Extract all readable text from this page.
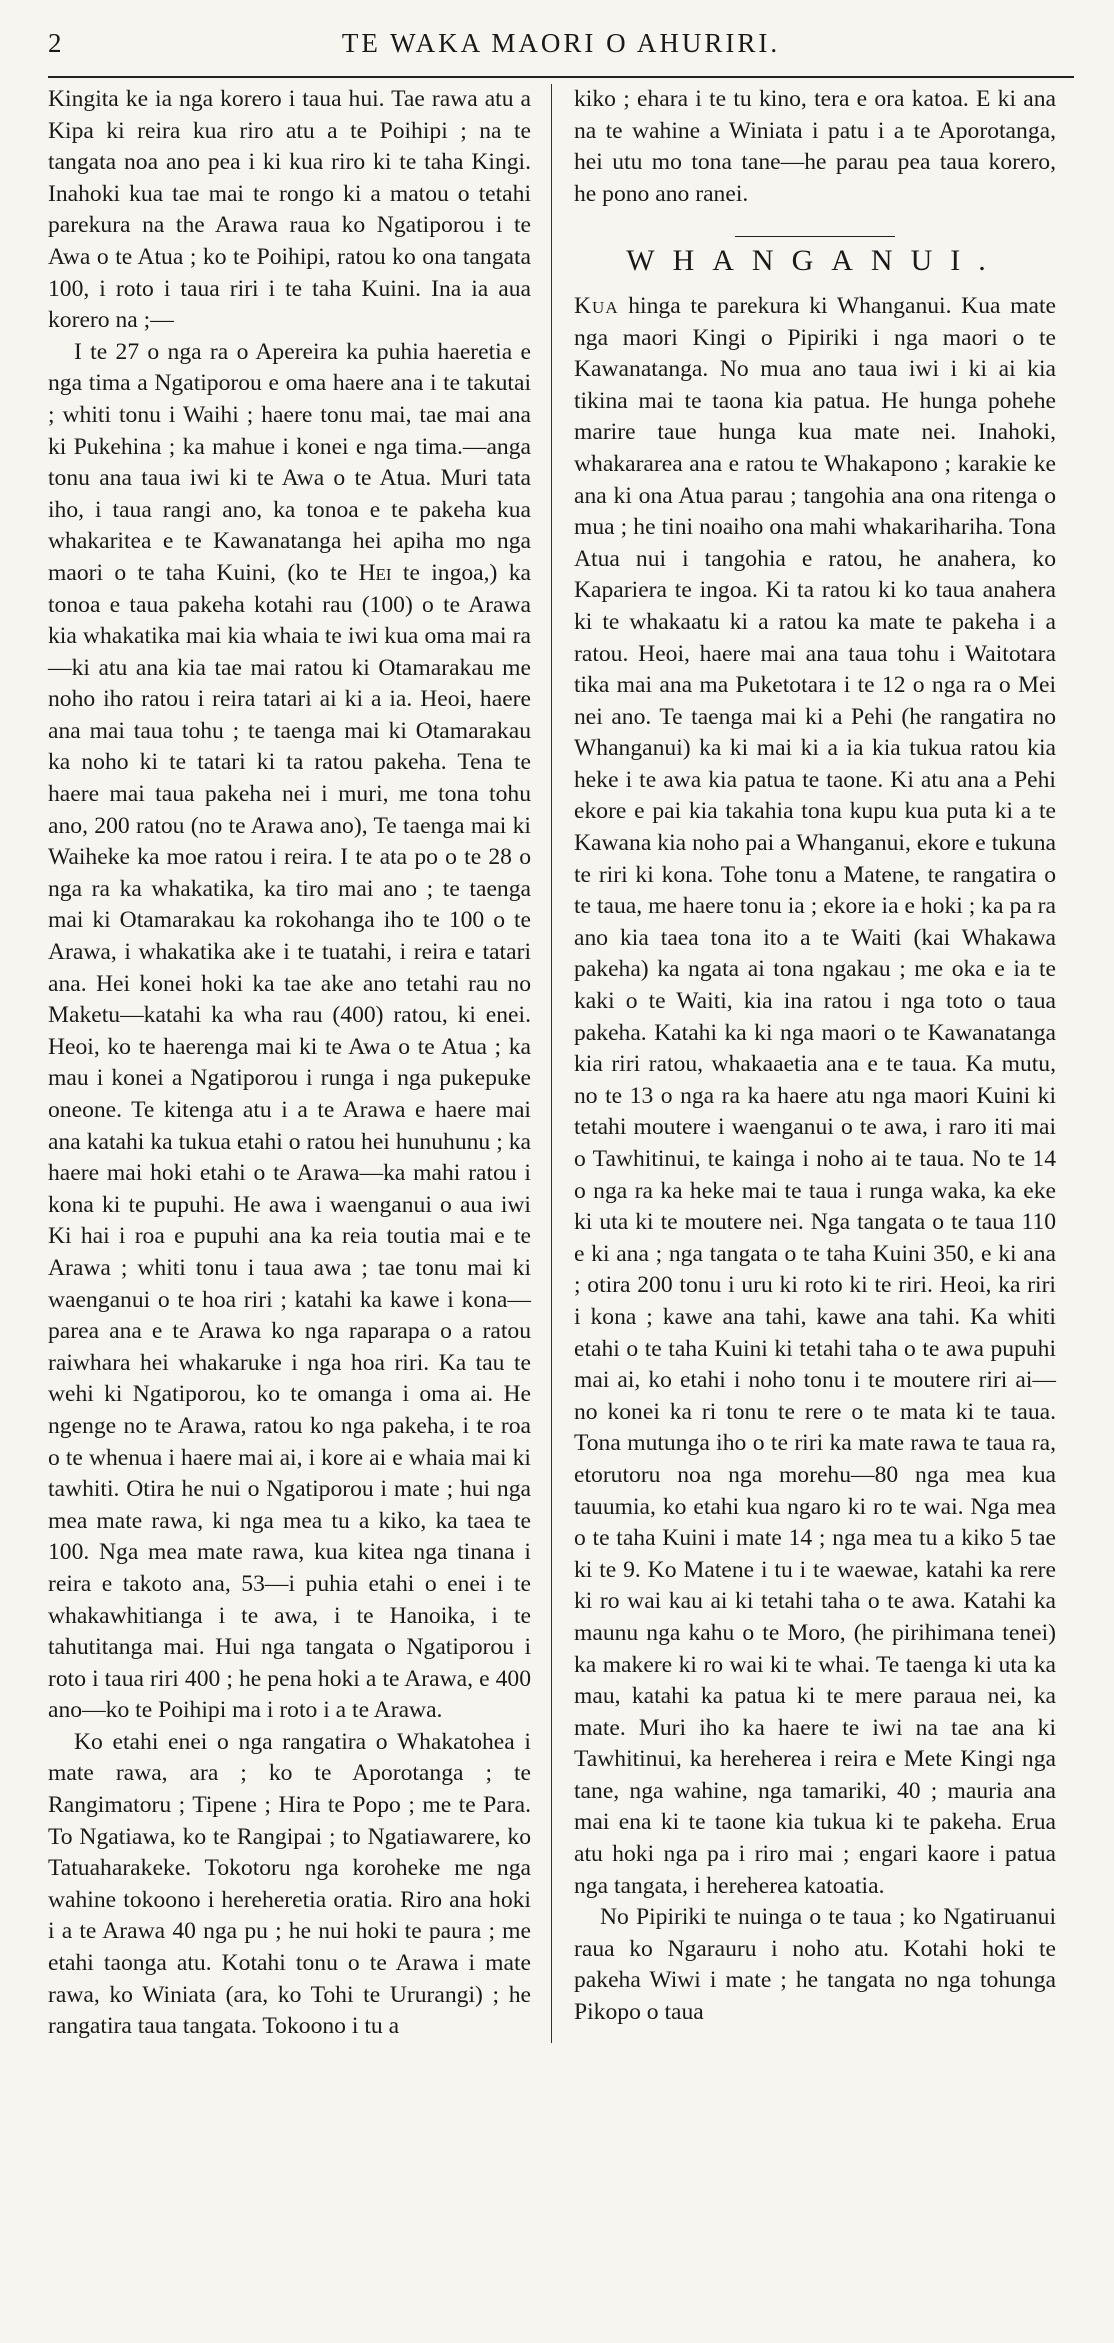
2	TE WAKA MAORI O AHURIRI.

Kingita ke ia nga korero i taua hui. Tae rawa atu a Kipa ki reira kua riro atu a te Poihipi ; na te tangata noa ano pea i ki kua riro ki te taha Kingi. Inahoki kua tae mai te rongo ki a matou o tetahi parekura na the Arawa raua ko Ngatiporou i te Awa o te Atua ; ko te Poihipi, ratou ko ona tangata 100, i roto i taua riri i te taha Kuini. Ina ia aua korero na ;—

I te 27 o nga ra o Apereira ka puhia haeretia e nga tima a Ngatiporou e oma haere ana i te takutai ; whiti tonu i Waihi ; haere tonu mai, tae mai ana ki Pukehina ; ka mahue i konei e nga tima.—anga tonu ana taua iwi ki te Awa o te Atua. Muri tata iho, i taua rangi ano, ka tonoa e te pakeha kua whakaritea e te Kawanatanga hei apiha mo nga maori o te taha Kuini, (ko te Hei te ingoa,) ka tonoa e taua pakeha kotahi rau (100) o te Arawa kia whakatika mai kia whaia te iwi kua oma mai ra—ki atu ana kia tae mai ratou ki Otamarakau me noho iho ratou i reira tatari ai ki a ia. Heoi, haere ana mai taua tohu ; te taenga mai ki Otamarakau ka noho ki te tatari ki ta ratou pakeha. Tena te haere mai taua pakeha nei i muri, me tona tohu ano, 200 ratou (no te Arawa ano), Te taenga mai ki Waiheke ka moe ratou i reira. I te ata po o te 28 o nga ra ka whakatika, ka tiro mai ano ; te taenga mai ki Otamarakau ka rokohanga iho te 100 o te Arawa, i whakatika ake i te tuatahi, i reira e tatari ana. Hei konei hoki ka tae ake ano tetahi rau no Maketu—katahi ka wha rau (400) ratou, ki enei. Heoi, ko te haerenga mai ki te Awa o te Atua ; ka mau i konei a Ngatiporou i runga i nga pukepuke oneone. Te kitenga atu i a te Arawa e haere mai ana katahi ka tukua etahi o ratou hei hunuhunu ; ka haere mai hoki etahi o te Arawa—ka mahi ratou i kona ki te pupuhi. He awa i waenganui o aua iwi Ki hai i roa e pupuhi ana ka reia toutia mai e te Arawa ; whiti tonu i taua awa ; tae tonu mai ki waenganui o te hoa riri ; katahi ka kawe i kona—parea ana e te Arawa ko nga raparapa o a ratou raiwhara hei whakaruke i nga hoa riri. Ka tau te wehi ki Ngatiporou, ko te omanga i oma ai. He ngenge no te Arawa, ratou ko nga pakeha, i te roa o te whenua i haere mai ai, i kore ai e whaia mai ki tawhiti. Otira he nui o Ngatiporou i mate ; hui nga mea mate rawa, ki nga mea tu a kiko, ka taea te 100. Nga mea mate rawa, kua kitea nga tinana i reira e takoto ana, 53—i puhia etahi o enei i te whakawhitianga i te awa, i te Hanoika, i te tahutitanga mai. Hui nga tangata o Ngatiporou i roto i taua riri 400 ; he pena hoki a te Arawa, e 400 ano—ko te Poihipi ma i roto i a te Arawa.

Ko etahi enei o nga rangatira o Whakatohea i mate rawa, ara ; ko te Aporotanga ; te Rangimatoru ; Tipene ; Hira te Popo ; me te Para. To Ngatiawa, ko te Rangipai ; to Ngatiawarere, ko Tatuaharakeke. Tokotoru nga koroheke me nga wahine tokoono i hereheretia oratia. Riro ana hoki i a te Arawa 40 nga pu ; he nui hoki te paura ; me etahi taonga atu. Kotahi tonu o te Arawa i mate rawa, ko Winiata (ara, ko Tohi te Ururangi) ; he rangatira taua tangata. Tokoono i tu a

kiko ; ehara i te tu kino, tera e ora katoa. E ki ana na te wahine a Winiata i patu i a te Aporotanga, hei utu mo tona tane—he parau pea taua korero, he pono ano ranei.

WHANGANUI.

Kua hinga te parekura ki Whanganui. Kua mate nga maori Kingi o Pipiriki i nga maori o te Kawanatanga. No mua ano taua iwi i ki ai kia tikina mai te taona kia patua. He hunga pohehe marire taue hunga kua mate nei. Inahoki, whakararea ana e ratou te Whakapono ; karakie ke ana ki ona Atua parau ; tangohia ana ona ritenga o mua ; he tini noaiho ona mahi whakarihariha. Tona Atua nui i tangohia e ratou, he anahera, ko Kapariera te ingoa. Ki ta ratou ki ko taua anahera ki te whakaatu ki a ratou ka mate te pakeha i a ratou. Heoi, haere mai ana taua tohu i Waitotara tika mai ana ma Puketotara i te 12 o nga ra o Mei nei ano. Te taenga mai ki a Pehi (he rangatira no Whanganui) ka ki mai ki a ia kia tukua ratou kia heke i te awa kia patua te taone. Ki atu ana a Pehi ekore e pai kia takahia tona kupu kua puta ki a te Kawana kia noho pai a Whanganui, ekore e tukuna te riri ki kona. Tohe tonu a Matene, te rangatira o te taua, me haere tonu ia ; ekore ia e hoki ; ka pa ra ano kia taea tona ito a te Waiti (kai Whakawa pakeha) ka ngata ai tona ngakau ; me oka e ia te kaki o te Waiti, kia ina ratou i nga toto o taua pakeha. Katahi ka ki nga maori o te Kawanatanga kia riri ratou, whakaaetia ana e te taua. Ka mutu, no te 13 o nga ra ka haere atu nga maori Kuini ki tetahi moutere i waenganui o te awa, i raro iti mai o Tawhitinui, te kainga i noho ai te taua. No te 14 o nga ra ka heke mai te taua i runga waka, ka eke ki uta ki te moutere nei. Nga tangata o te taua 110 e ki ana ; nga tangata o te taha Kuini 350, e ki ana ; otira 200 tonu i uru ki roto ki te riri. Heoi, ka riri i kona ; kawe ana tahi, kawe ana tahi. Ka whiti etahi o te taha Kuini ki tetahi taha o te awa pupuhi mai ai, ko etahi i noho tonu i te moutere riri ai—no konei ka ri tonu te rere o te mata ki te taua. Tona mutunga iho o te riri ka mate rawa te taua ra, etorutoru noa nga morehu—80 nga mea kua tauumia, ko etahi kua ngaro ki ro te wai. Nga mea o te taha Kuini i mate 14 ; nga mea tu a kiko 5 tae ki te 9. Ko Matene i tu i te waewae, katahi ka rere ki ro wai kau ai ki tetahi taha o te awa. Katahi ka maunu nga kahu o te Moro, (he pirihimana tenei) ka makere ki ro wai ki te whai. Te taenga ki uta ka mau, katahi ka patua ki te mere paraua nei, ka mate. Muri iho ka haere te iwi na tae ana ki Tawhitinui, ka hereherea i reira e Mete Kingi nga tane, nga wahine, nga tamariki, 40 ; mauria ana mai ena ki te taone kia tukua ki te pakeha. Erua atu hoki nga pa i riro mai ; engari kaore i patua nga tangata, i hereherea katoatia.

No Pipiriki te nuinga o te taua ; ko Ngatiruanui raua ko Ngarauru i noho atu. Kotahi hoki te pakeha Wiwi i mate ; he tangata no nga tohunga Pikopo o taua
